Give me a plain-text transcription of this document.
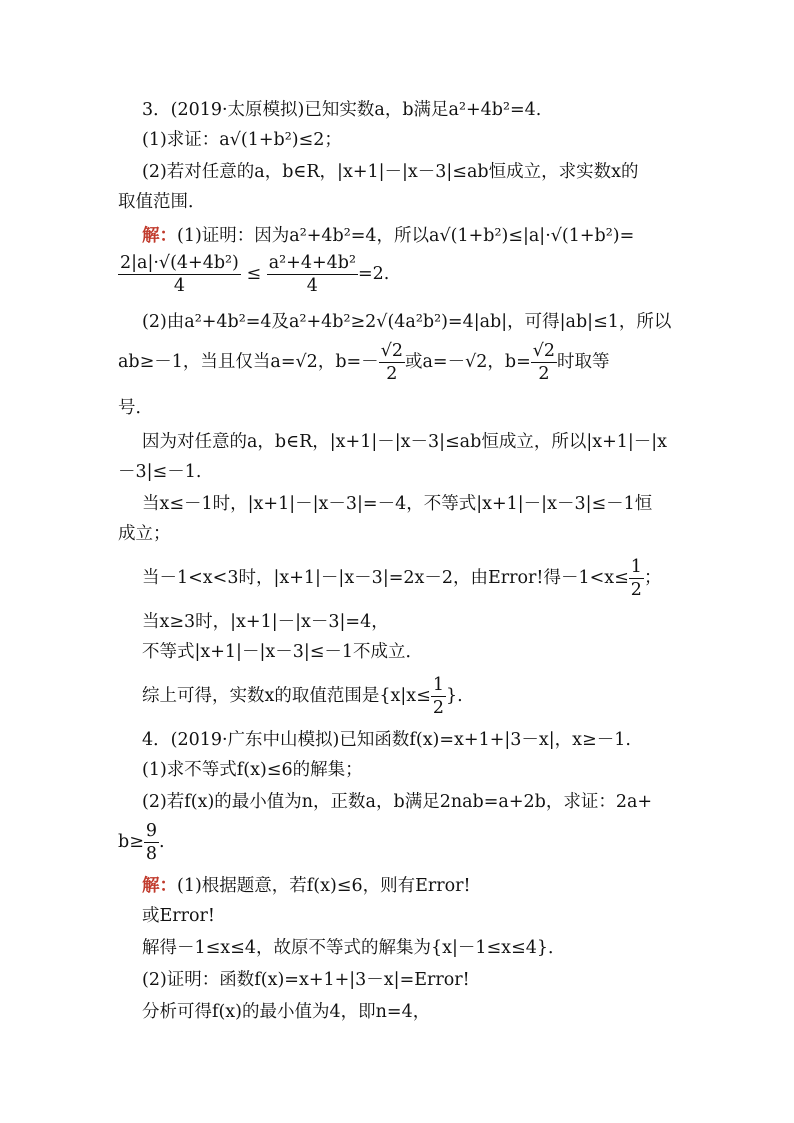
3．(2019·太原模拟)已知实数a，b满足a²+4b²=4.
(1)求证：a√(1+b²)≤2；
(2)若对任意的a，b∈R，|x+1|－|x－3|≤ab恒成立，求实数x的
取值范围．
解：(1)证明：因为a²+4b²=4，所以a√(1+b²)≤|a|·√(1+b²)=
$\frac{\text{2|a|·√(4+4b²)}}{4} \le \frac{\text{a²+4+4b²}}{4} =2$.
(2)由a²+4b²=4及a²+4b²≥2√(4a²b²)=4|ab|，可得|ab|≤1，所以
ab≥－1，当且仅当a=√2，$b=- \frac{√2}{2}$ 或a=－√2，$b= \frac{√2}{2}$ 时取等
号．
因为对任意的a，b∈R，|x+1|－|x－3|≤ab恒成立，所以|x+1|－|x
－3|≤－1.
当x≤－1时，|x+1|－|x－3|=－4，不等式|x+1|－|x－3|≤－1恒
成立；
当－1<x<3时，|x+1|－|x－3|=2x－2，由Error!得$-1<x\le \frac{1}{2}$ ；
当x≥3时，|x+1|－|x－3|=4，
不等式|x+1|－|x－3|≤－1不成立．
综上可得，实数x的取值范围是{$x|x\le \frac{1}{2}$ }.
4．(2019·广东中山模拟)已知函数f(x)=x+1+|3－x|，x≥－1.
(1)求不等式f(x)≤6的解集；
(2)若f(x)的最小值为n，正数a，b满足2nab=a+2b，求证：2a+
$b\ge \frac{9}{8}$ .
解：(1)根据题意，若f(x)≤6，则有Error!
或Error!
解得－1≤x≤4，故原不等式的解集为{x|－1≤x≤4}．
(2)证明：函数f(x)=x+1+|3－x|=Error!
分析可得f(x)的最小值为4，即n=4，
